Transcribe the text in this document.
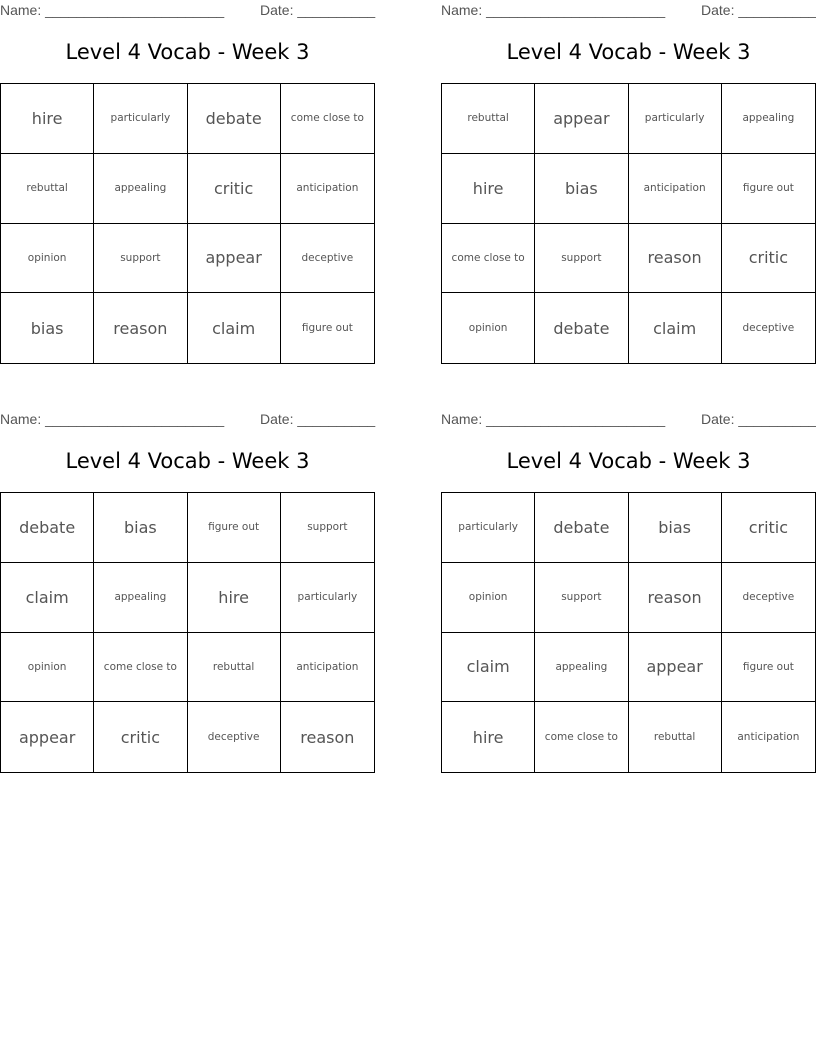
Name: _______________________	Date: __________
Level 4 Vocab - Week 3
hire	particularly	debate	come close to
rebuttal	appealing	critic	anticipation
opinion	support	appear	deceptive
bias	reason	claim	figure out
Name: _______________________	Date: __________
Level 4 Vocab - Week 3
rebuttal	appear	particularly	appealing
hire	bias	anticipation	figure out
come close to	support	reason	critic
opinion	debate	claim	deceptive
Name: _______________________	Date: __________
Level 4 Vocab - Week 3
debate	bias	figure out	support
claim	appealing	hire	particularly
opinion	come close to	rebuttal	anticipation
appear	critic	deceptive	reason
Name: _______________________	Date: __________
Level 4 Vocab - Week 3
particularly	debate	bias	critic
opinion	support	reason	deceptive
claim	appealing	appear	figure out
hire	come close to	rebuttal	anticipation
